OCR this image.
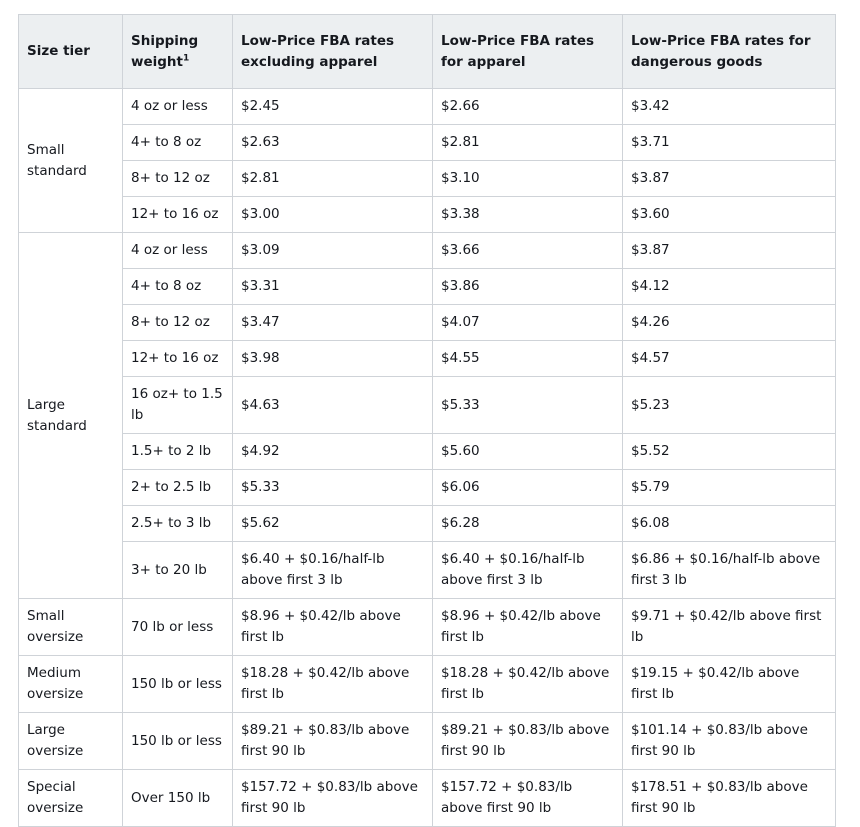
Size tier	Shipping weight$^1$	Low-Price FBA rates excluding apparel	Low-Price FBA rates for apparel	Low-Price FBA rates for dangerous goods
Small standard	4 oz or less	$2.45	$2.66	$3.42
	4+ to 8 oz	$2.63	$2.81	$3.71
	8+ to 12 oz	$2.81	$3.10	$3.87
	12+ to 16 oz	$3.00	$3.38	$3.60
Large standard	4 oz or less	$3.09	$3.66	$3.87
	4+ to 8 oz	$3.31	$3.86	$4.12
	8+ to 12 oz	$3.47	$4.07	$4.26
	12+ to 16 oz	$3.98	$4.55	$4.57
	16 oz+ to 1.5 lb	$4.63	$5.33	$5.23
	1.5+ to 2 lb	$4.92	$5.60	$5.52
	2+ to 2.5 lb	$5.33	$6.06	$5.79
	2.5+ to 3 lb	$5.62	$6.28	$6.08
	3+ to 20 lb	$6.40 + $0.16/half-lb above first 3 lb	$6.40 + $0.16/half-lb above first 3 lb	$6.86 + $0.16/half-lb above first 3 lb
Small oversize	70 lb or less	$8.96 + $0.42/lb above first lb	$8.96 + $0.42/lb above first lb	$9.71 + $0.42/lb above first lb
Medium oversize	150 lb or less	$18.28 + $0.42/lb above first lb	$18.28 + $0.42/lb above first lb	$19.15 + $0.42/lb above first lb
Large oversize	150 lb or less	$89.21 + $0.83/lb above first 90 lb	$89.21 + $0.83/lb above first 90 lb	$101.14 + $0.83/lb above first 90 lb
Special oversize	Over 150 lb	$157.72 + $0.83/lb above first 90 lb	$157.72 + $0.83/lb above first 90 lb	$178.51 + $0.83/lb above first 90 lb
